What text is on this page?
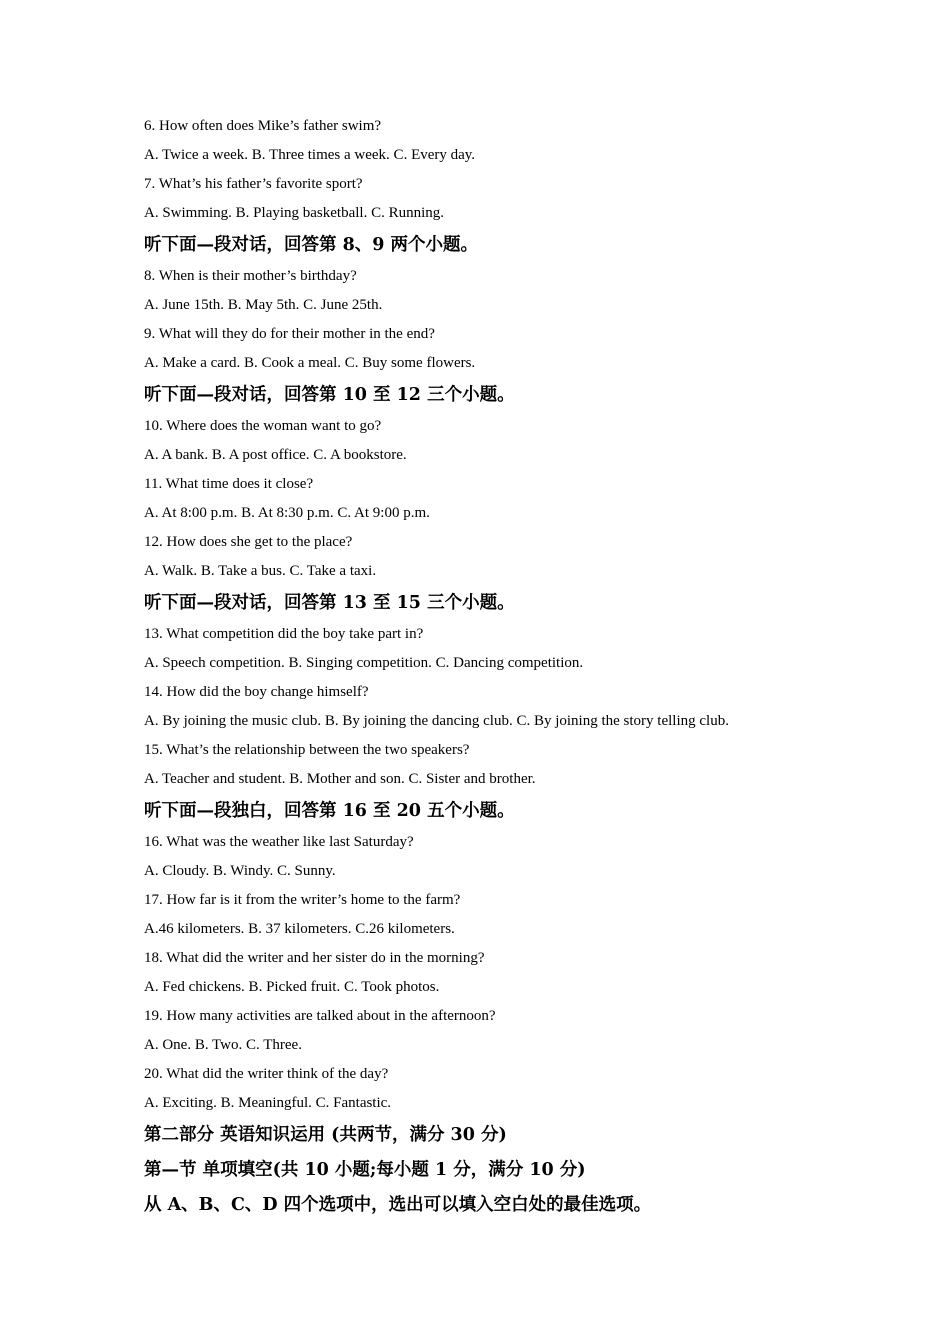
6. How often does Mike’s father swim?
A. Twice a week. B. Three times a week. C. Every day.
7. What’s his father’s favorite sport?
A. Swimming. B. Playing basketball. C. Running.
听下面—段对话，回答第 8、9 两个小题。
8. When is their mother’s birthday?
A. June 15th. B. May 5th. C. June 25th.
9. What will they do for their mother in the end?
A. Make a card. B. Cook a meal. C. Buy some flowers.
听下面—段对话，回答第 10 至 12 三个小题。
10. Where does the woman want to go?
A. A bank. B. A post office. C. A bookstore.
11. What time does it close?
A. At 8:00 p.m. B. At 8:30 p.m. C. At 9:00 p.m.
12. How does she get to the place?
A. Walk. B. Take a bus. C. Take a taxi.
听下面—段对话，回答第 13 至 15 三个小题。
13. What competition did the boy take part in?
A. Speech competition. B. Singing competition. C. Dancing competition.
14. How did the boy change himself?
A. By joining the music club. B. By joining the dancing club. C. By joining the story telling club.
15. What’s the relationship between the two speakers?
A. Teacher and student. B. Mother and son. C. Sister and brother.
听下面—段独白，回答第 16 至 20 五个小题。
16. What was the weather like last Saturday?
A. Cloudy. B. Windy. C. Sunny.
17. How far is it from the writer’s home to the farm?
A.46 kilometers. B. 37 kilometers. C.26 kilometers.
18. What did the writer and her sister do in the morning?
A. Fed chickens. B. Picked fruit. C. Took photos.
19. How many activities are talked about in the afternoon?
A. One. B. Two. C. Three.
20. What did the writer think of the day?
A. Exciting. B. Meaningful. C. Fantastic.
第二部分 英语知识运用 (共两节，满分 30 分)
第—节 单项填空(共 10 小题;每小题 1 分，满分 10 分)
从 A、B、C、D 四个选项中，选出可以填入空白处的最佳选项。
